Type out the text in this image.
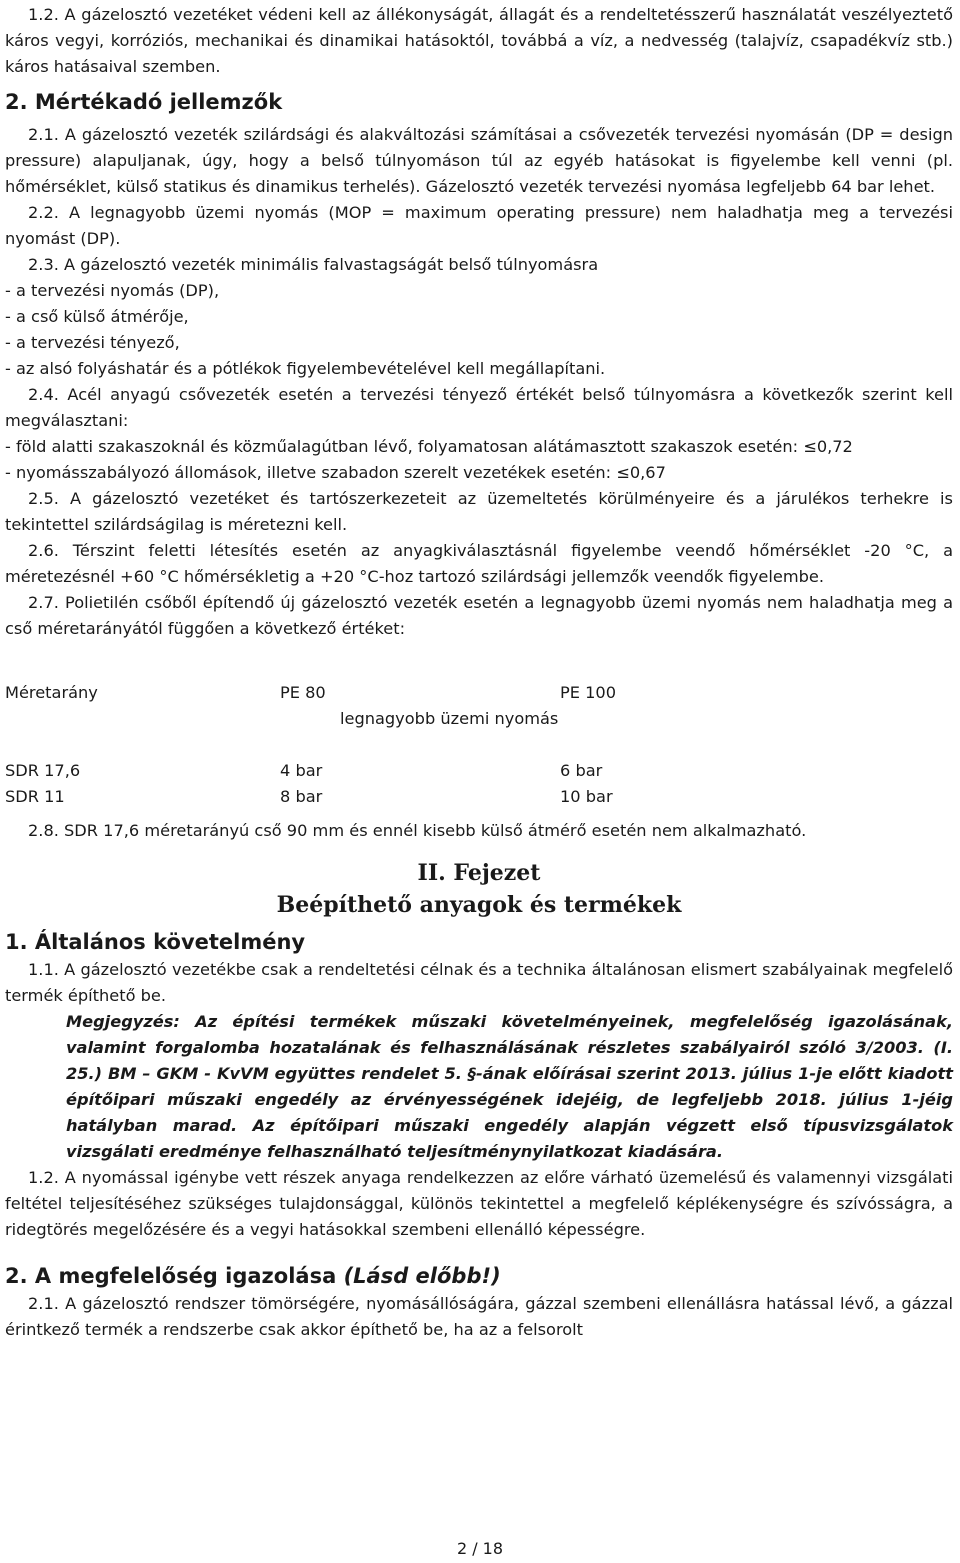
1.2. A gázelosztó vezetéket védeni kell az állékonyságát, állagát és a rendeltetésszerű használatát veszélyeztető káros vegyi, korróziós, mechanikai és dinamikai hatásoktól, továbbá a víz, a nedvesség (talajvíz, csapadékvíz stb.) káros hatásaival szemben.

2. Mértékadó jellemzők

2.1. A gázelosztó vezeték szilárdsági és alakváltozási számításai a csővezeték tervezési nyomásán (DP = design pressure) alapuljanak, úgy, hogy a belső túlnyomáson túl az egyéb hatásokat is figyelembe kell venni (pl. hőmérséklet, külső statikus és dinamikus terhelés). Gázelosztó vezeték tervezési nyomása legfeljebb 64 bar lehet.

2.2. A legnagyobb üzemi nyomás (MOP = maximum operating pressure) nem haladhatja meg a tervezési nyomást (DP).

2.3. A gázelosztó vezeték minimális falvastagságát belső túlnyomásra

- a tervezési nyomás (DP),

- a cső külső átmérője,

- a tervezési tényező,

- az alsó folyáshatár és a pótlékok figyelembevételével kell megállapítani.

2.4. Acél anyagú csővezeték esetén a tervezési tényező értékét belső túlnyomásra a következők szerint kell megválasztani:

- föld alatti szakaszoknál és közműalagútban lévő, folyamatosan alátámasztott szakaszok esetén: ≤0,72

- nyomásszabályozó állomások, illetve szabadon szerelt vezetékek esetén: ≤0,67

2.5. A gázelosztó vezetéket és tartószerkezeteit az üzemeltetés körülményeire és a járulékos terhekre is tekintettel szilárdságilag is méretezni kell.

2.6. Térszint feletti létesítés esetén az anyagkiválasztásnál figyelembe veendő hőmérséklet -20 °C, a méretezésnél +60 °C hőmérsékletig a +20 °C-hoz tartozó szilárdsági jellemzők veendők figyelembe.

2.7. Polietilén csőből építendő új gázelosztó vezeték esetén a legnagyobb üzemi nyomás nem haladhatja meg a cső méretarányától függően a következő értéket:

Méretarány	PE 80	PE 100
legnagyobb üzemi nyomás
SDR 17,6	4 bar	6 bar
SDR 11	8 bar	10 bar

2.8. SDR 17,6 méretarányú cső 90 mm és ennél kisebb külső átmérő esetén nem alkalmazható.

II. Fejezet
Beépíthető anyagok és termékek
1. Általános követelmény

1.1. A gázelosztó vezetékbe csak a rendeltetési célnak és a technika általánosan elismert szabályainak megfelelő termék építhető be.

Megjegyzés: Az építési termékek műszaki követelményeinek, megfelelőség igazolásának, valamint forgalomba hozatalának és felhasználásának részletes szabályairól szóló 3/2003. (I. 25.) BM – GKM - KvVM együttes rendelet 5. §-ának előírásai szerint 2013. július 1-je előtt kiadott építőipari műszaki engedély az érvényességének idejéig, de legfeljebb 2018. július 1-jéig hatályban marad. Az építőipari műszaki engedély alapján végzett első típusvizsgálatok vizsgálati eredménye felhasználható teljesítménynyilatkozat kiadására.

1.2. A nyomással igénybe vett részek anyaga rendelkezzen az előre várható üzemelésű és valamennyi vizsgálati feltétel teljesítéséhez szükséges tulajdonsággal, különös tekintettel a megfelelő képlékenységre és szívósságra, a ridegtörés megelőzésére és a vegyi hatásokkal szembeni ellenálló képességre.

2. A megfelelőség igazolása (Lásd előbb!)

2.1. A gázelosztó rendszer tömörségére, nyomásállóságára, gázzal szembeni ellenállásra hatással lévő, a gázzal érintkező termék a rendszerbe csak akkor építhető be, ha az a felsorolt

2 / 18
